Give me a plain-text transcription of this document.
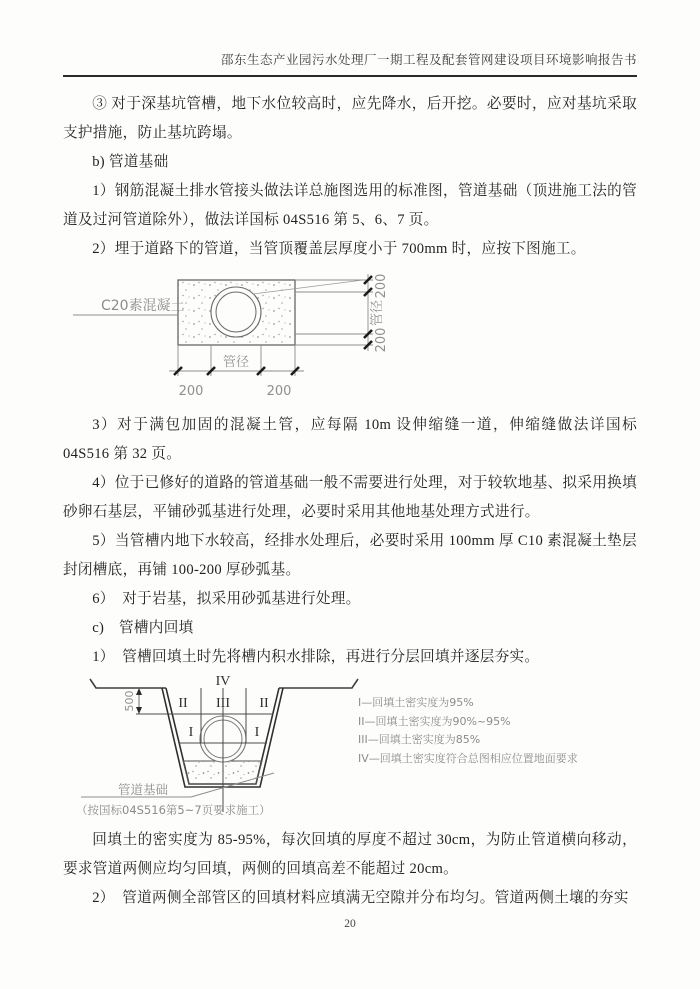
邵东生态产业园污水处理厂一期工程及配套管网建设项目环境影响报告书

③ 对于深基坑管槽，地下水位较高时，应先降水，后开挖。必要时，应对基坑采取支护措施，防止基坑跨塌。

b) 管道基础

1）钢筋混凝土排水管接头做法详总施图选用的标准图，管道基础（顶进施工法的管道及过河管道除外），做法详国标 04S516 第 5、6、7 页。

2）埋于道路下的管道，当管顶覆盖层厚度小于 700mm 时，应按下图施工。

C20素混凝土
管径
200	200
200
管径
200

3）对于满包加固的混凝土管，应每隔 10m 设伸缩缝一道，伸缩缝做法详国标 04S516 第 32 页。

4）位于已修好的道路的管道基础一般不需要进行处理，对于较软地基、拟采用换填砂卵石基层，平铺砂弧基进行处理，必要时采用其他地基处理方式进行。

5）当管槽内地下水较高，经排水处理后，必要时采用 100mm 厚 C10 素混凝土垫层封闭槽底，再铺 100-200 厚砂弧基。

6）　对于岩基，拟采用砂弧基进行处理。

c)　管槽内回填

1）　管槽回填土时先将槽内积水排除，再进行分层回填并逐层夯实。

500
IV
II III II
I	I
I—回填土密实度为95%
II—回填土密实度为90%~95%
III—回填土密实度为85%
IV—回填土密实度符合总图相应位置地面要求
管道基础
（按国标04S516第5~7页要求施工）

回填土的密实度为 85-95%，每次回填的厚度不超过 30cm，为防止管道横向移动，要求管道两侧应均匀回填，两侧的回填高差不能超过 20cm。

2）　管道两侧全部管区的回填材料应填满无空隙并分布均匀。管道两侧土壤的夯实

20
